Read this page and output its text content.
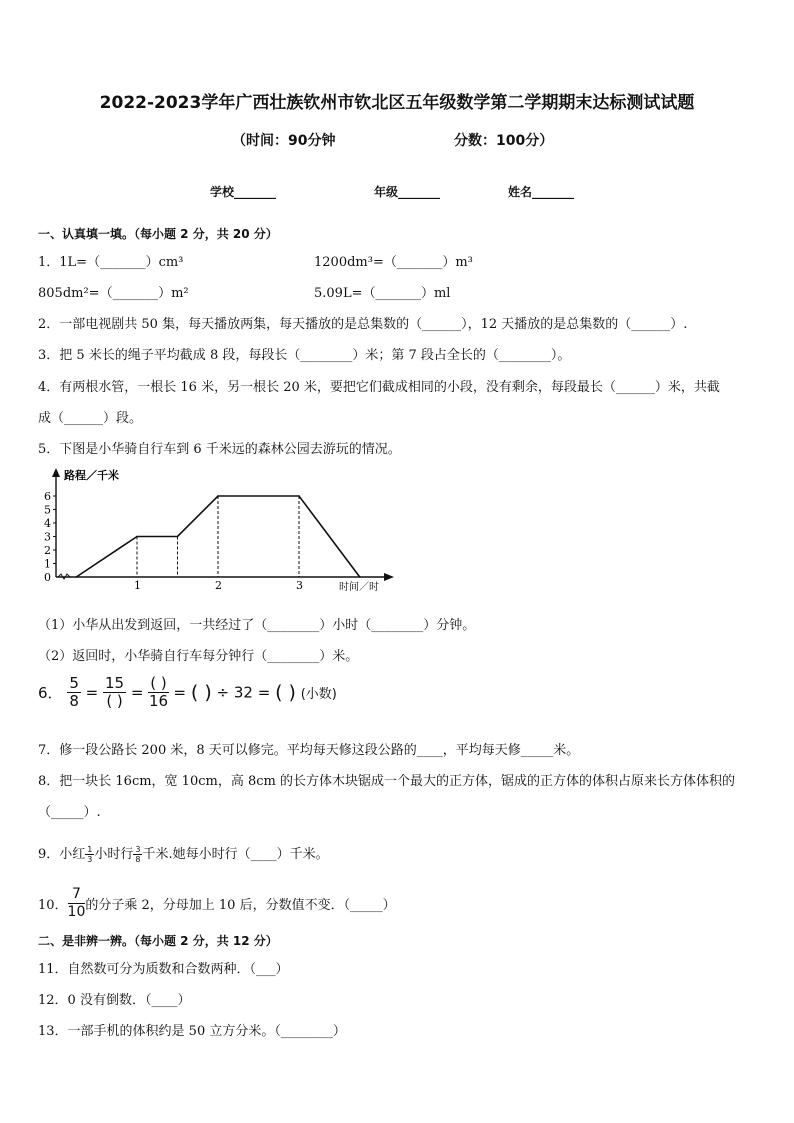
2022-2023学年广西壮族钦州市钦北区五年级数学第二学期期末达标测试试题
（时间：90分钟	分数：100分）
学校_______	年级_______	姓名_______
一、认真填一填。（每小题 2 分，共 20 分）
1．1L=（_______）cm³	1200dm³=（_______）m³
805dm²=（_______）m²	5.09L=（_______）ml
2．一部电视剧共 50 集，每天播放两集，每天播放的是总集数的（______），12 天播放的是总集数的（______）.
3．把 5 米长的绳子平均截成 8 段，每段长（________）米；第 7 段占全长的（________）。
4．有两根水管，一根长 16 米，另一根长 20 米，要把它们截成相同的小段，没有剩余，每段最长（______）米，共截
成（______）段。
5．下图是小华骑自行车到 6 千米远的森林公园去游玩的情况。
路程／千米
时间／时
0
1
2
3
4
5
6
1	2	3
（1）小华从出发到返回，一共经过了（________）小时（________）分钟。
（2）返回时，小华骑自行车每分钟行（________）米。
6． $\frac{5}{8} = \frac{15}{( )} = \frac{( )}{16}$ = ( ) ÷ 32 = ( ) (小数)
7．修一段公路长 200 米，8 天可以修完。平均每天修这段公路的____，平均每天修_____米。
8．把一块长 16cm，宽 10cm，高 8cm 的长方体木块锯成一个最大的正方体，锯成的正方体的体积占原来长方体体积的
（_____）.
9．小红 $\frac{1}{3}$ 小时行 $\frac{3}{8}$ 千米.她每小时行（____）千米。
10． $\frac{7}{10}$ 的分子乘 2，分母加上 10 后，分数值不变．（_____）
二、是非辨一辨。（每小题 2 分，共 12 分）
11．自然数可分为质数和合数两种．（___）
12．0 没有倒数．（____）
13．一部手机的体积约是 50 立方分米。（________）
